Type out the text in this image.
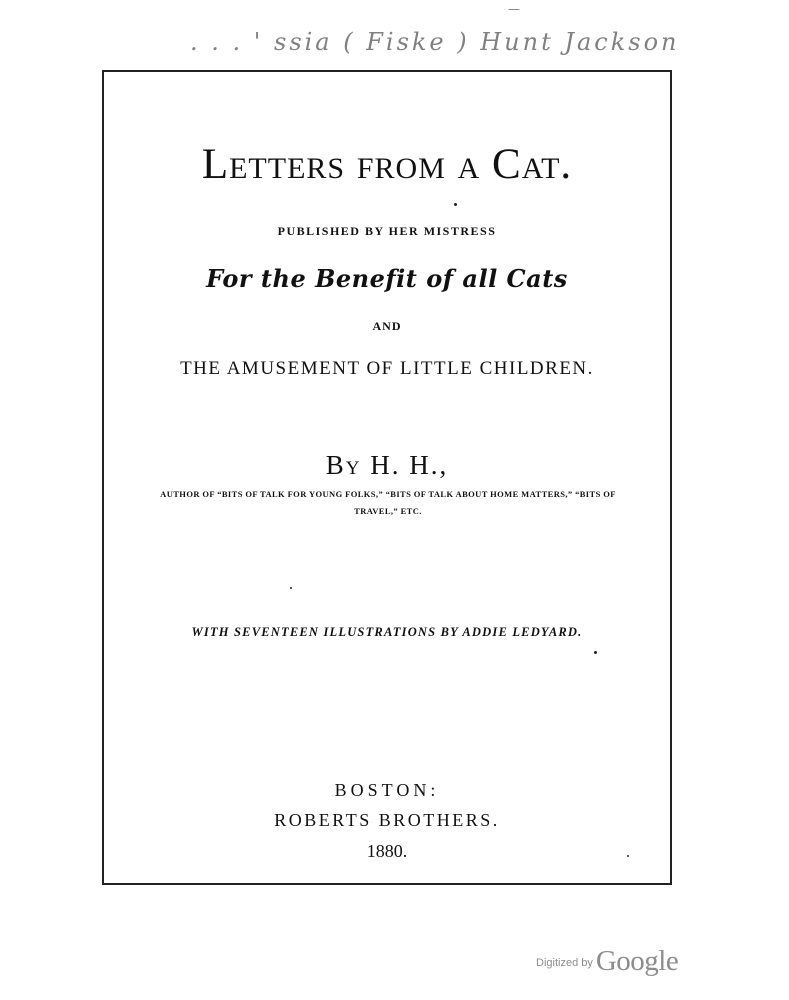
. . . ' ssia ( Fiske ) Hunt Jackson
—
Letters from a Cat.
PUBLISHED BY HER MISTRESS
For the Benefit of all Cats
AND
THE AMUSEMENT OF LITTLE CHILDREN.
By H. H.,
AUTHOR OF “BITS OF TALK FOR YOUNG FOLKS,” “BITS OF TALK ABOUT HOME MATTERS,” “BITS OF TRAVEL,” ETC.
WITH SEVENTEEN ILLUSTRATIONS BY ADDIE LEDYARD.
BOSTON:
ROBERTS BROTHERS.
1880.
$^{Digitized by}$ Google
